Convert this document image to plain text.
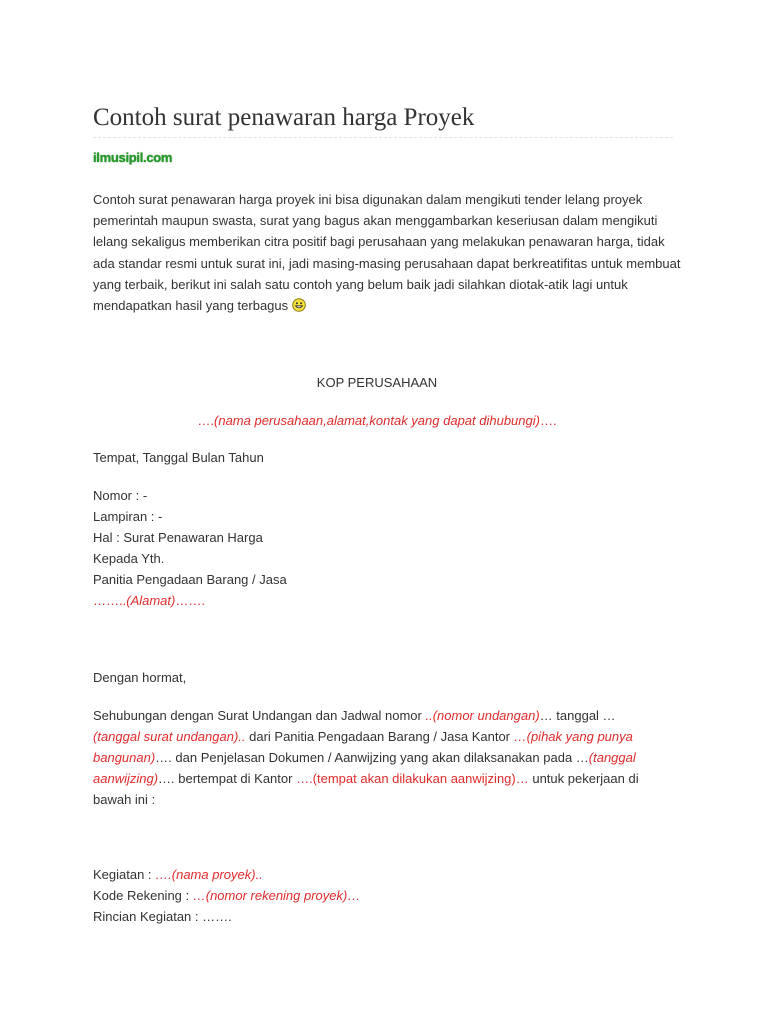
Contoh surat penawaran harga Proyek
ilmusipil.com

Contoh surat penawaran harga proyek ini bisa digunakan dalam mengikuti tender lelang proyek pemerintah maupun swasta, surat yang bagus akan menggambarkan keseriusan dalam mengikuti lelang sekaligus memberikan citra positif bagi perusahaan yang melakukan penawaran harga, tidak ada standar resmi untuk surat ini, jadi masing-masing perusahaan dapat berkreatifitas untuk membuat yang terbaik, berikut ini salah satu contoh yang belum baik jadi silahkan diotak-atik lagi untuk mendapatkan hasil yang terbagus

KOP PERUSAHAAN

….(nama perusahaan,alamat,kontak yang dapat dihubungi)….

Tempat, Tanggal Bulan Tahun

Nomor : -
Lampiran : -
Hal : Surat Penawaran Harga
Kepada Yth.
Panitia Pengadaan Barang / Jasa
……..(Alamat)…….

Dengan hormat,

Sehubungan dengan Surat Undangan dan Jadwal nomor ..(nomor undangan)… tanggal …
(tanggal surat undangan).. dari Panitia Pengadaan Barang / Jasa Kantor …(pihak yang punya bangunan)…. dan Penjelasan Dokumen / Aanwijzing yang akan dilaksanakan pada …(tanggal aanwijzing)…. bertempat di Kantor ….(tempat akan dilakukan aanwijzing)… untuk pekerjaan di bawah ini :

Kegiatan : ….(nama proyek)..
Kode Rekening : …(nomor rekening proyek)…
Rincian Kegiatan : …….
